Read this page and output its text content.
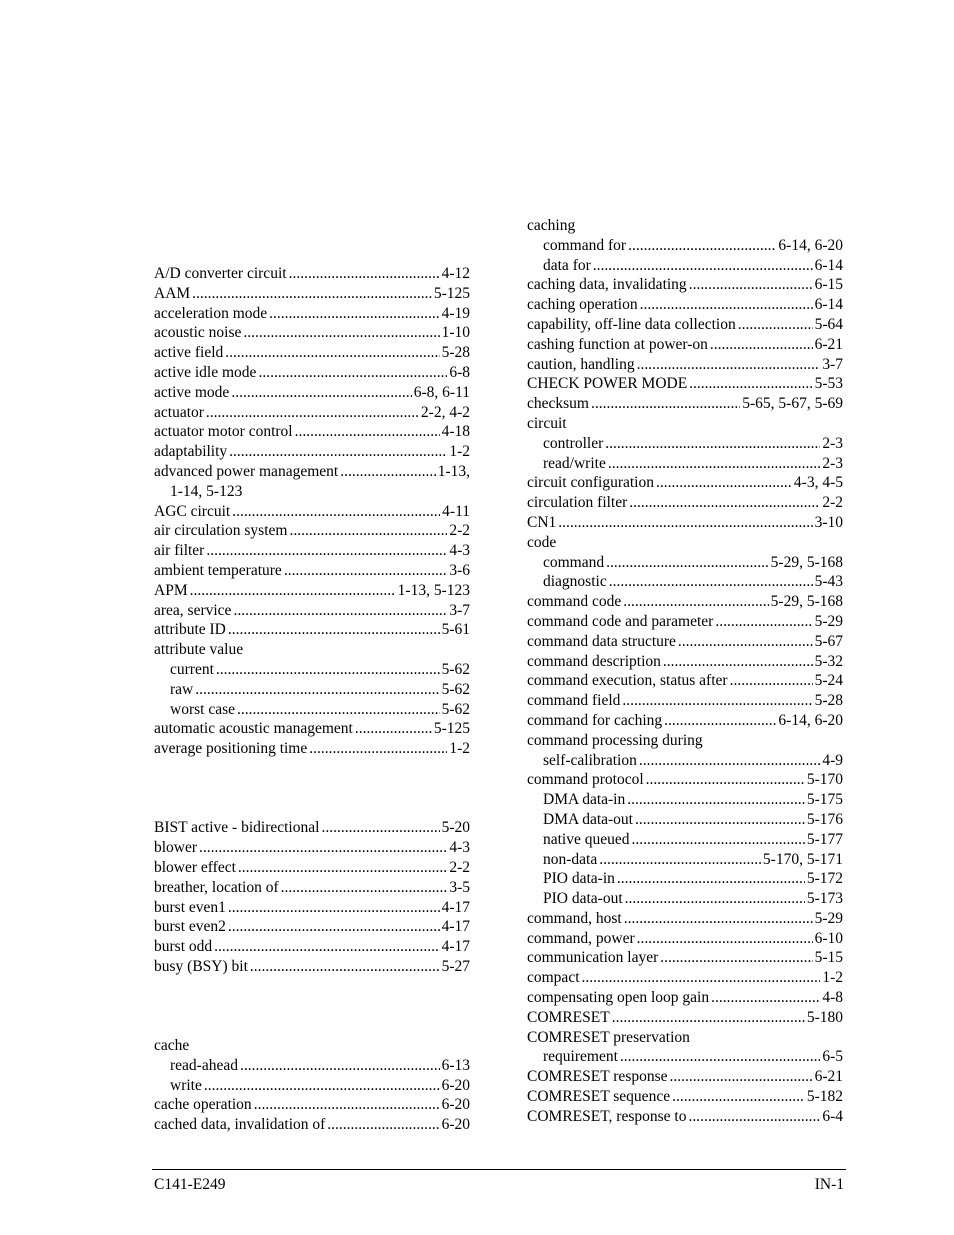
A/D converter circuit .....	4-12
AAM .....	5-125
acceleration mode .....	4-19
acoustic noise .....	1-10
active field .....	5-28
active idle mode .....	6-8
active mode .....	6-8, 6-11
actuator .....	2-2, 4-2
actuator motor control .....	4-18
adaptability .....	1-2
advanced power management .....	1-13,
1-14, 5-123
AGC circuit .....	4-11
air circulation system .....	2-2
air filter .....	4-3
ambient temperature .....	3-6
APM .....	1-13, 5-123
area, service .....	3-7
attribute ID .....	5-61
attribute value
current .....	5-62
raw .....	5-62
worst case .....	5-62
automatic acoustic management .....	5-125
average positioning time .....	1-2
BIST active - bidirectional .....	5-20
blower .....	4-3
blower effect .....	2-2
breather, location of .....	3-5
burst even1 .....	4-17
burst even2 .....	4-17
burst odd .....	4-17
busy (BSY) bit .....	5-27
cache
read-ahead .....	6-13
write .....	6-20
cache operation .....	6-20
cached data, invalidation of .....	6-20
caching
command for .....	6-14, 6-20
data for .....	6-14
caching data, invalidating .....	6-15
caching operation .....	6-14
capability, off-line data collection .....	5-64
cashing function at power-on .....	6-21
caution, handling .....	3-7
CHECK POWER MODE .....	5-53
checksum .....	5-65, 5-67, 5-69
circuit
controller .....	2-3
read/write .....	2-3
circuit configuration .....	4-3, 4-5
circulation filter .....	2-2
CN1 .....	3-10
code
command .....	5-29, 5-168
diagnostic .....	5-43
command code .....	5-29, 5-168
command code and parameter .....	5-29
command data structure .....	5-67
command description .....	5-32
command execution, status after .....	5-24
command field .....	5-28
command for caching .....	6-14, 6-20
command processing during
self-calibration .....	4-9
command protocol .....	5-170
DMA data-in .....	5-175
DMA data-out .....	5-176
native queued .....	5-177
non-data .....	5-170, 5-171
PIO data-in .....	5-172
PIO data-out .....	5-173
command, host .....	5-29
command, power .....	6-10
communication layer .....	5-15
compact .....	1-2
compensating open loop gain .....	4-8
COMRESET .....	5-180
COMRESET preservation
requirement .....	6-5
COMRESET response .....	6-21
COMRESET sequence .....	5-182
COMRESET, response to .....	6-4
C141-E249	IN-1
